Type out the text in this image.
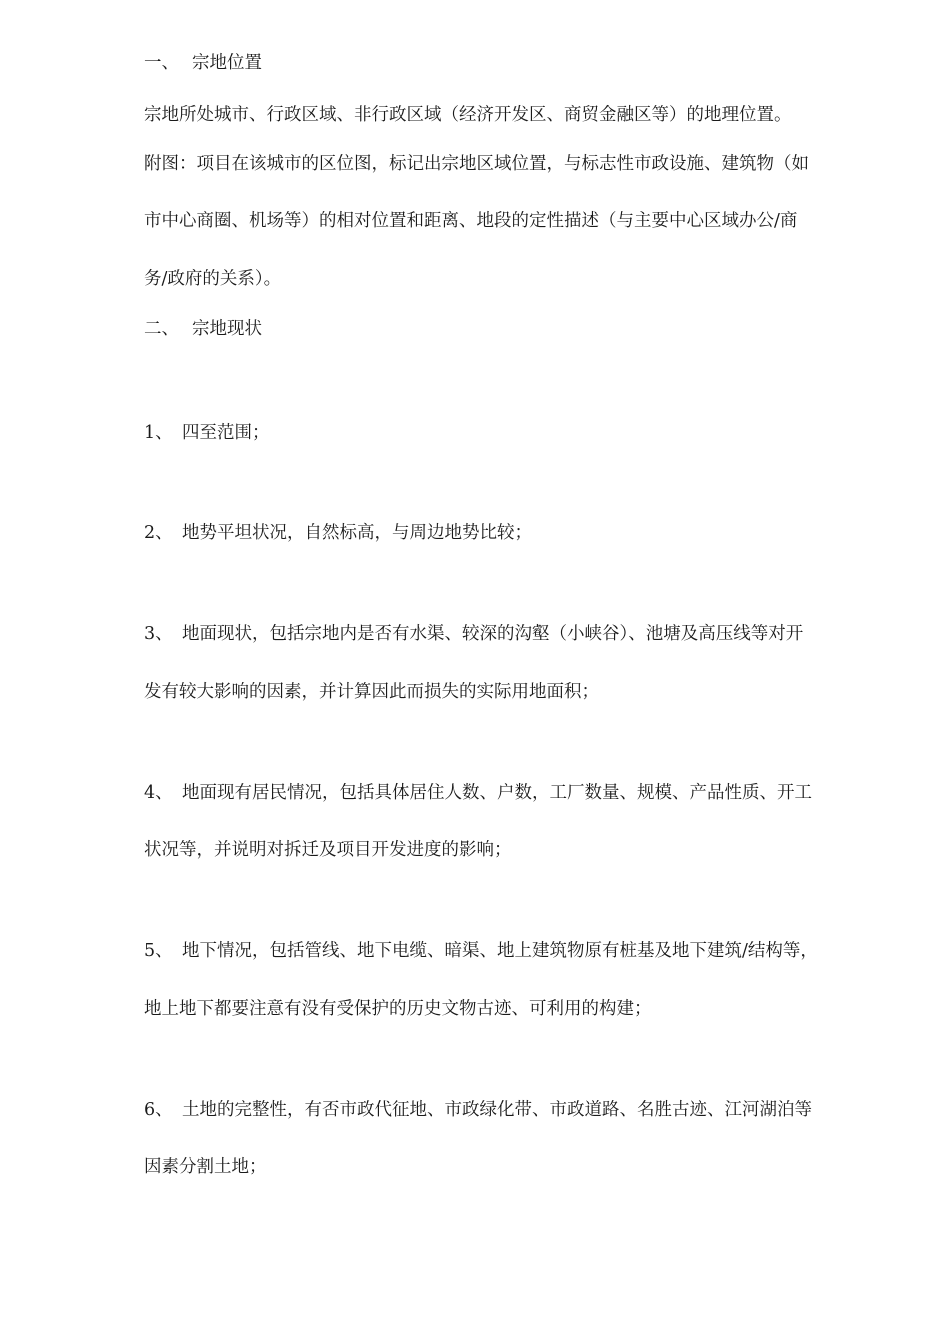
一、 宗地位置
宗地所处城市、行政区域、非行政区域（经济开发区、商贸金融区等）的地理位置。
附图：项目在该城市的区位图，标记出宗地区域位置，与标志性市政设施、建筑物（如
市中心商圈、机场等）的相对位置和距离、地段的定性描述（与主要中心区域办公/商
务/政府的关系）。
二、 宗地现状
1、 四至范围；
2、 地势平坦状况，自然标高，与周边地势比较；
3、 地面现状，包括宗地内是否有水渠、较深的沟壑（小峡谷）、池塘及高压线等对开
发有较大影响的因素，并计算因此而损失的实际用地面积；
4、 地面现有居民情况，包括具体居住人数、户数，工厂数量、规模、产品性质、开工
状况等，并说明对拆迁及项目开发进度的影响；
5、 地下情况，包括管线、地下电缆、暗渠、地上建筑物原有桩基及地下建筑/结构等，
地上地下都要注意有没有受保护的历史文物古迹、可利用的构建；
6、 土地的完整性，有否市政代征地、市政绿化带、市政道路、名胜古迹、江河湖泊等
因素分割土地；
